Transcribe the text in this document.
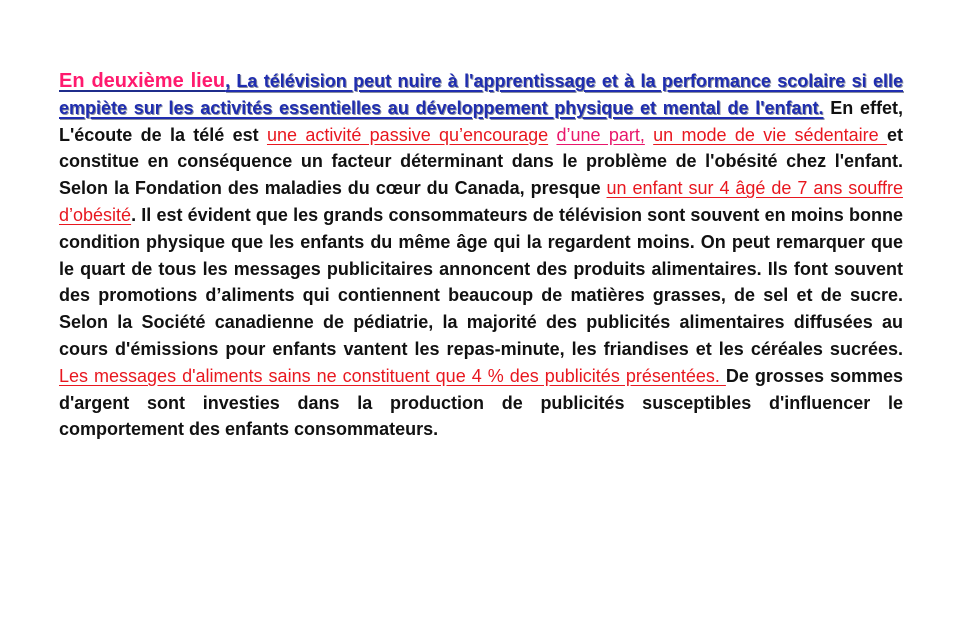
En deuxième lieu, La télévision peut nuire à l'apprentissage et à la performance scolaire si elle empiète sur les activités essentielles au développement physique et mental de l'enfant. En effet, L'écoute de la télé est une activité passive qu’encourage d’une part, un mode de vie sédentaire et constitue en conséquence un facteur déterminant dans le problème de l'obésité chez l'enfant. Selon la Fondation des maladies du cœur du Canada, presque un enfant sur 4 âgé de 7 ans souffre d’obésité. Il est évident que les grands consommateurs de télévision sont souvent en moins bonne condition physique que les enfants du même âge qui la regardent moins. On peut remarquer que le quart de tous les messages publicitaires annoncent des produits alimentaires. Ils font souvent des promotions d’aliments qui contiennent beaucoup de matières grasses, de sel et de sucre. Selon la Société canadienne de pédiatrie, la majorité des publicités alimentaires diffusées au cours d'émissions pour enfants vantent les repas-minute, les friandises et les céréales sucrées. Les messages d'aliments sains ne constituent que 4 % des publicités présentées. De grosses sommes d'argent sont investies dans la production de publicités susceptibles d'influencer le comportement des enfants consommateurs.
